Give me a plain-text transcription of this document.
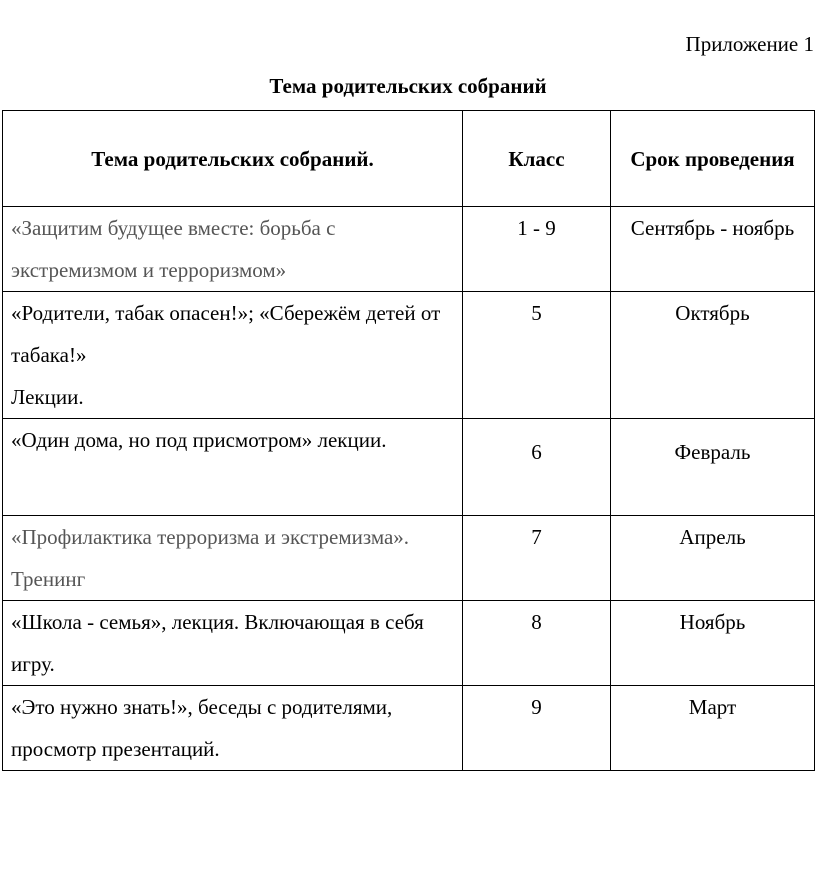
Приложение 1
Тема родительских собраний
Тема родительских собраний.	Класс	Срок проведения
«Защитим будущее вместе: борьба с экстремизмом и терроризмом»	1 - 9	Сентябрь - ноябрь

«Родители, табак опасен!»; «Сбережём детей от табака!»
Лекции.	5	Октябрь
«Один дома, но под присмотром» лекции.	6	Февраль
«Профилактика терроризма и экстремизма». Тренинг	7	Апрель
«Школа - семья», лекция. Включающая в себя игру.	8	Ноябрь
«Это нужно знать!», беседы с родителями, просмотр презентаций.	9	Март
